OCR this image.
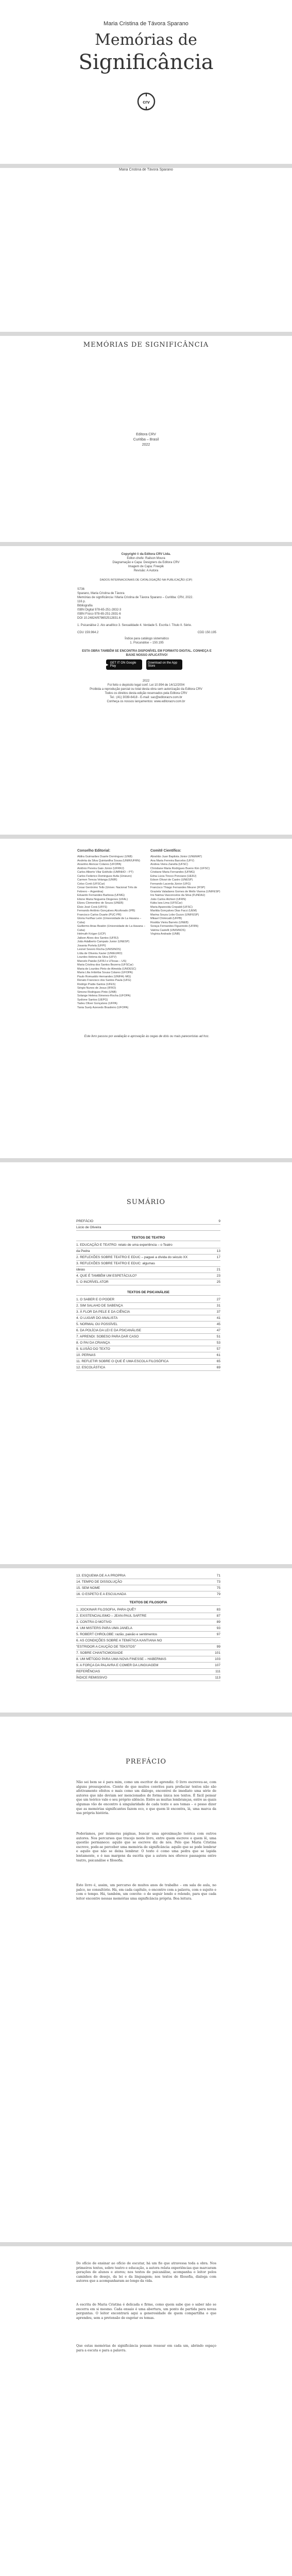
Maria Cristina de Távora Sparano
Memórias de
Significância
crv
Maria Cristina de Távora Sparano
MEMÓRIAS DE SIGNIFICÂNCIA
Editora CRV
Curitiba – Brasil
2022
Copyright © da Editora CRV Ltda.
Editor-chefe: Railson Moura
Diagramação e Capa: Designers da Editora CRV
Imagem de Capa: Freepik
Revisão: A Autora
DADOS INTERNACIONAIS DE CATALOGAÇÃO NA PUBLICAÇÃO (CIP)
S736
Sparano, Maria Cristina de Távora
Memórias de significância / Maria Cristina de Távora Sparano – Curitiba: CRV, 2022.
116 p.
Bibliografia
ISBN Digital 978-65-251-2832-3
ISBN Físico 978-65-251-2831-6
DOI 10.24824/978652512831.6
1. Psicanálise 2. Ato analítico 3. Sexualidade 4. Verdade 5. Escrita I. Título II. Série.
CDU 159.964.2	CDD 150.195
Índice para catálogo sistemático
1. Psicanálise – 150.195
ESTA OBRA TAMBÉM SE ENCONTRA DISPONÍVEL EM FORMATO DIGITAL. CONHEÇA E BAIXE NOSSO APLICATIVO!
▶
GET IT ON Google Play
Download on the App Store
2022
Foi feito o depósito legal conf. Lei 10.994 de 14/12/2004
Proibida a reprodução parcial ou total desta obra sem autorização da Editora CRV
Todos os direitos desta edição reservados pela Editora CRV
Tel.: (41) 3039-6418 - E-mail: sac@editoracrv.com.br
Conheça os nossos lançamentos: www.editoracrv.com.br
Conselho Editorial:	Comitê Científico:
Aldira Guimarães Duarte Domínguez (UNB)
Andréia da Silva Quintanilha Sousa (UNIR/UFRN)
Anselmo Alencar Colares (UFOPA)
Antônio Pereira Gaio Júnior (UFRRJ)
Carlos Alberto Vilar Estêvão (UMINHO – PT)
Carlos Federico Dominguez Avila (Unieuro)
Carmen Tereza Velanga (UNIR)
Celso Conti (UFSCar)
Cesar Gerónimo Tello (Univer. Nacional Três de Febrero – Argentina)
Eduardo Fernandes Barbosa (UFMG)
Elione Maria Nogueira Diogenes (UFAL)
Elizeu Clementino de Souza (UNEB)
Élsio José Corá (UFFS)
Fernando Antônio Gonçalves Alcoforado (IPB)
Francisco Carlos Duarte (PUC-PR)
Gloria Fariñas León (Universidade de La Havana – Cuba)
Guillermo Arias Beatón (Universidade de La Havana – Cuba)
Helmuth Krüger (UCP)
Jailson Alves dos Santos (UFRJ)
João Adalberto Campato Junior (UNESP)
Josania Portela (UFPI)
Leonel Severo Rocha (UNISINOS)
Lídia de Oliveira Xavier (UNIEURO)
Lourdes Helena da Silva (UFV)
Marcelo Paixão (UFRJ e UTexas – US)
Maria Cristina dos Santos Bezerra (UFSCar)
Maria de Lourdes Pinto de Almeida (UNOESC)
Maria Lília Imbiriba Sousa Colares (UFOPA)
Paulo Romualdo Hernandes (UNIFAL-MG)
Renato Francisco dos Santos Paula (UFG)
Rodrigo Pratte-Santos (UFES)
Sérgio Nunes de Jesus (IFRO)
Simone Rodrigues Pinto (UNB)
Solange Helena Ximenes-Rocha (UFOPA)
Sydione Santos (UEPG)
Tadeu Oliver Gonçalves (UFPA)
Tania Suely Azevedo Brasileiro (UFOPA)
Abrahão Juan Baptista Júnior (UNEMAT)
Ana Maria Ferreira Barcelos (UFV)
Andrea Vieira Zanella (UFSC)
Christiane Maria Rodrigues Bueno Kim (UFSC)
Cristiane Maria Fernandes (UFMG)
Edna Lúcia Tinoco Ponciano (UERJ)
Edson Olivari de Castro (UNESP)
Fernando Lacerda Júnior (UFG)
Francisco Thiago Fernandes Meurer (IFSP)
Graziela Valadares Gomes de Mello Vianna (UNIFESP)
Iris Nairisa Vasconcelos da Silva (FUNDAJ)
João Carlos Alchieri (UFRN)
Kátia Iara Lima (UFSCar)
Maria Aparecida Crepaldi (UFSC)
Marilda Gonçalves Dias Facci (UEM)
Marina Souza Lobo Guzzo (UNIFESP)
Mikael Chimicatti (UFPB)
Rosilda Vieira Barreto (UNEB)
Soraya Fernandes Figueiredo (UFRN)
Valéria Castelli (UNISINOS)
Virgínia Andrade (UNB)
Este livro passou por avaliação e aprovação às cegas de dois ou mais pareceristas ad hoc.
SUMÁRIO
PREFÁCIO	9
Lúcio de Oliveira
TEXTOS DE TEATRO
1. EDUCAÇÃO E TEATRO: relato de uma experiência – o Teatro
da Pedra	13
2. REFLEXÕES SOBRE TEATRO E EDUC – paguei a dívida do século XX	17
3. REFLEXÕES SOBRE TEATRO E EDUC: algumas
ideias	21
4. QUE É TAMBÉM UM ESPETÁCULO?	23
5. O INCRÍVEL ATOR	25
TEXTOS DE PSICANÁLISE
1. O SABER E O PODER	27
2. SIM SALAHO DE SABENÇA	31
3. À FLOR DA PELE E DA CIÊNCIA	37
4. O LUGAR DO ANALISTA	41
5. NORMAL OU POSSÍVEL	45
6. DA POLÍCIA DA LEI E DA PSICANÁLISE	47
7. APRENDI: SOBESO PARA DAR CASO	51
8. O PAI DA CRIANÇA	53
9. ILUSÃO DO TEXTO	57
10. PERNAS	61
11. REFLETIR SOBRE O QUE É UMA ESCOLA FILOSÓFICA	65
12. ESCOLÁSTICA	69
13. ESQUEMA DE A A PROPRIA	71
14. TEMPO DE DISSOLUÇÃO	73
15. SEM NOME	75
16. O ESPETO E A ESCULHADA	79
TEXTOS DE FILOSOFIA
1. JOCKINAR FILOSOFIA, PARA QUÊ?	83
2. EXISTENCIALISMO – JEAN-PAUL SARTRE	87
3. CONTRA O MOTIVO	89
4. UM MISTERS PARA UMA JANELA	93
5. ROBERT CHROLOBE: razão, paixão e sentimentos	97
6. AS CONDIÇÕES SOBRE A TEMÁTICA KANTIANA NO
"ESTRIDOR A CAUÇÃO DE TEKSTOS"	99
7. SOBRE CHANTICMOSIADE	101
8. UM MÉTODO PARA UMA NOVA FINESSE – HABERMAS	103
9. A FORÇA DA PALAVRA E COMER DA LINGUAGEM	107
REFERÊNCIAS	111
ÍNDICE REMISSIVO	113
PREFÁCIO
Não sei bem se é para mim, como um escritor de aprendiz. O livro escreveu-se, com alguns pressupostos. Ciente de que muitos convites para prefaciar textos não são afetivamente efeitos e mais como um diálogo, encontrei de imediato uma série de autores que não deviam ser mencionados de forma única nos textos. É fácil pensar que um teórico vale o seu próprio silêncio. Entre as muitas lembranças, entre as quais algumas vão de encontro à singularidade de cada texto e aos temas – e posso dizer que as memórias significantes fazem eco, e que quem lê encontra, lá, uma marca da sua própria história.
Poderíamos, por inúmeras páginas, buscar uma aproximação teórica com outros autores. Nos percursos que tracejo neste livro, entre quem escreve e quem lê, uma questão permanece: aquilo que se escreve diz de nós. Pelo que Maria Cristina escreve, pode-se perceber uma memória de significância: aquilo que se pode lembrar e aquilo que não se deixa lembrar. O texto é como uma pedra que se lapida lentamente, e é nas margens da escrita que a autora nos oferece passagens entre teatro, psicanálise e filosofia.
Este livro é, assim, um percurso de muitos anos de trabalho – em sala de aula, no palco, no consultório. Há, em cada capítulo, o encontro com a palavra, com o sujeito e com o tempo. Há, também, um convite: o de seguir lendo e relendo, para que cada leitor encontre nessas memórias uma significância própria. Boa leitura.
Do ofício de ensinar ao ofício de escutar, há um fio que atravessa toda a obra. Nos primeiros textos, sobre teatro e educação, a autora relata experiências que marcaram gerações de alunos e atores; nos textos de psicanálise, acompanha o leitor pelos caminhos do desejo, da lei e da linguagem; nos textos de filosofia, dialoga com autores que a acompanharam ao longo da vida.
A escrita de Maria Cristina é delicada e firme, como quem sabe que o saber não se encerra em si mesmo. Cada ensaio é uma abertura, um ponto de partida para novas perguntas. O leitor encontrará aqui a generosidade de quem compartilha o que aprendeu, sem a pretensão de esgotar os temas.
Que estas memórias de significância possam ressoar em cada um, abrindo espaço para a escuta e para a palavra.
